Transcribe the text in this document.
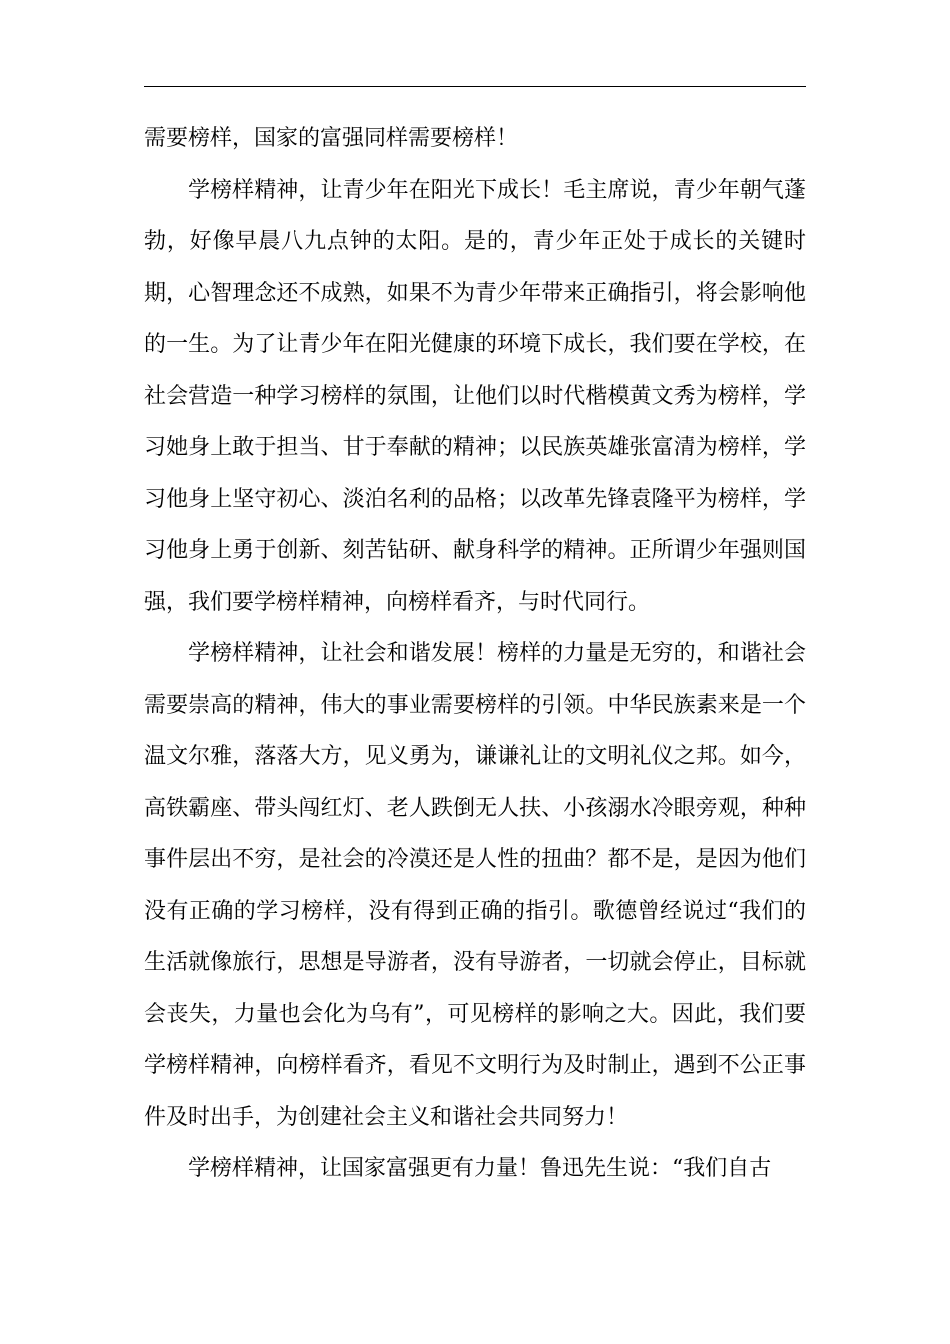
需要榜样，国家的富强同样需要榜样！

学榜样精神，让青少年在阳光下成长！毛主席说，青少年朝气蓬勃，好像早晨八九点钟的太阳。是的，青少年正处于成长的关键时期，心智理念还不成熟，如果不为青少年带来正确指引，将会影响他的一生。为了让青少年在阳光健康的环境下成长，我们要在学校，在社会营造一种学习榜样的氛围，让他们以时代楷模黄文秀为榜样，学习她身上敢于担当、甘于奉献的精神；以民族英雄张富清为榜样，学习他身上坚守初心、淡泊名利的品格；以改革先锋袁隆平为榜样，学习他身上勇于创新、刻苦钻研、献身科学的精神。正所谓少年强则国强，我们要学榜样精神，向榜样看齐，与时代同行。

学榜样精神，让社会和谐发展！榜样的力量是无穷的，和谐社会需要崇高的精神，伟大的事业需要榜样的引领。中华民族素来是一个温文尔雅，落落大方，见义勇为，谦谦礼让的文明礼仪之邦。如今，高铁霸座、带头闯红灯、老人跌倒无人扶、小孩溺水冷眼旁观，种种事件层出不穷，是社会的冷漠还是人性的扭曲？都不是，是因为他们没有正确的学习榜样，没有得到正确的指引。歌德曾经说过“我们的生活就像旅行，思想是导游者，没有导游者，一切就会停止，目标就会丧失，力量也会化为乌有”，可见榜样的影响之大。因此，我们要学榜样精神，向榜样看齐，看见不文明行为及时制止，遇到不公正事件及时出手，为创建社会主义和谐社会共同努力！

学榜样精神，让国家富强更有力量！鲁迅先生说：“我们自古
